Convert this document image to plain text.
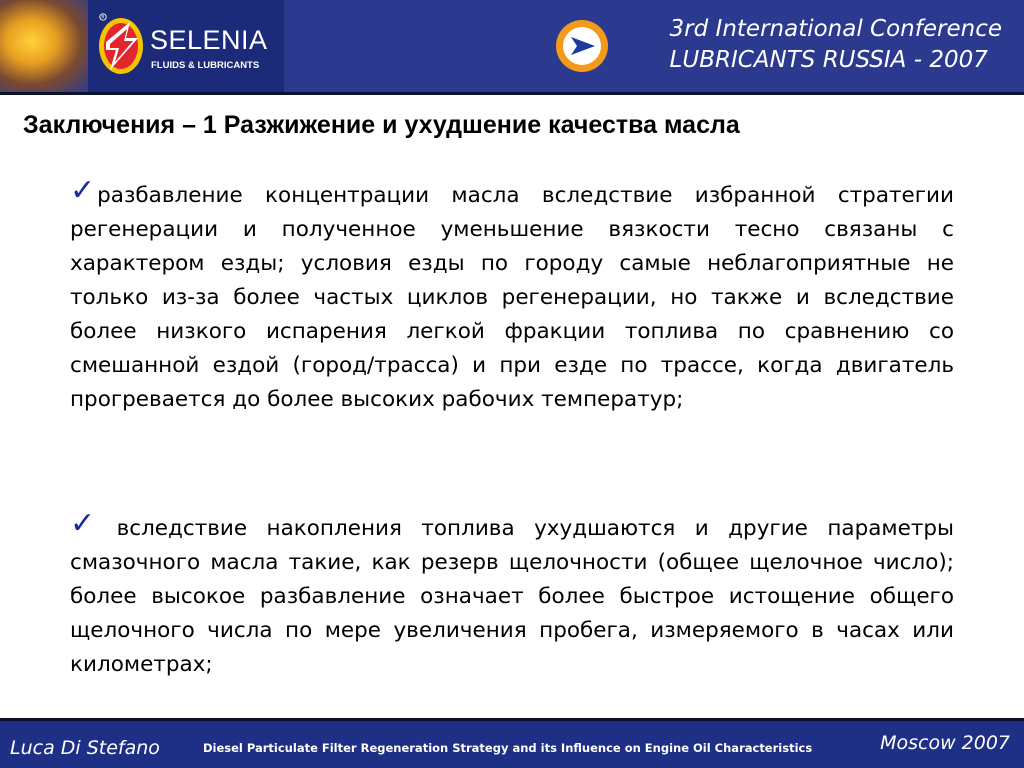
R
SELENIA
FLUIDS & LUBRICANTS
3rd International Conference
LUBRICANTS RUSSIA - 2007
Заключения – 1 Разжижение и ухудшение качества масла
✓разбавление концентрации масла вследствие избранной стратегии регенерации и полученное уменьшение вязкости тесно связаны с характером езды; условия езды по городу самые неблагоприятные не только из-за более частых циклов регенерации, но также и вследствие более низкого испарения легкой фракции топлива по сравнению со смешанной ездой (город/трасса) и при езде по трассе, когда двигатель прогревается до более высоких рабочих температур;
✓ вследствие накопления топлива ухудшаются и другие параметры смазочного масла такие, как резерв щелочности (общее щелочное число); более высокое разбавление означает более быстрое истощение общего щелочного числа по мере увеличения пробега, измеряемого в часах или километрах;
Luca Di Stefano	Diesel Particulate Filter Regeneration Strategy and its Influence on Engine Oil Characteristics	Moscow 2007
